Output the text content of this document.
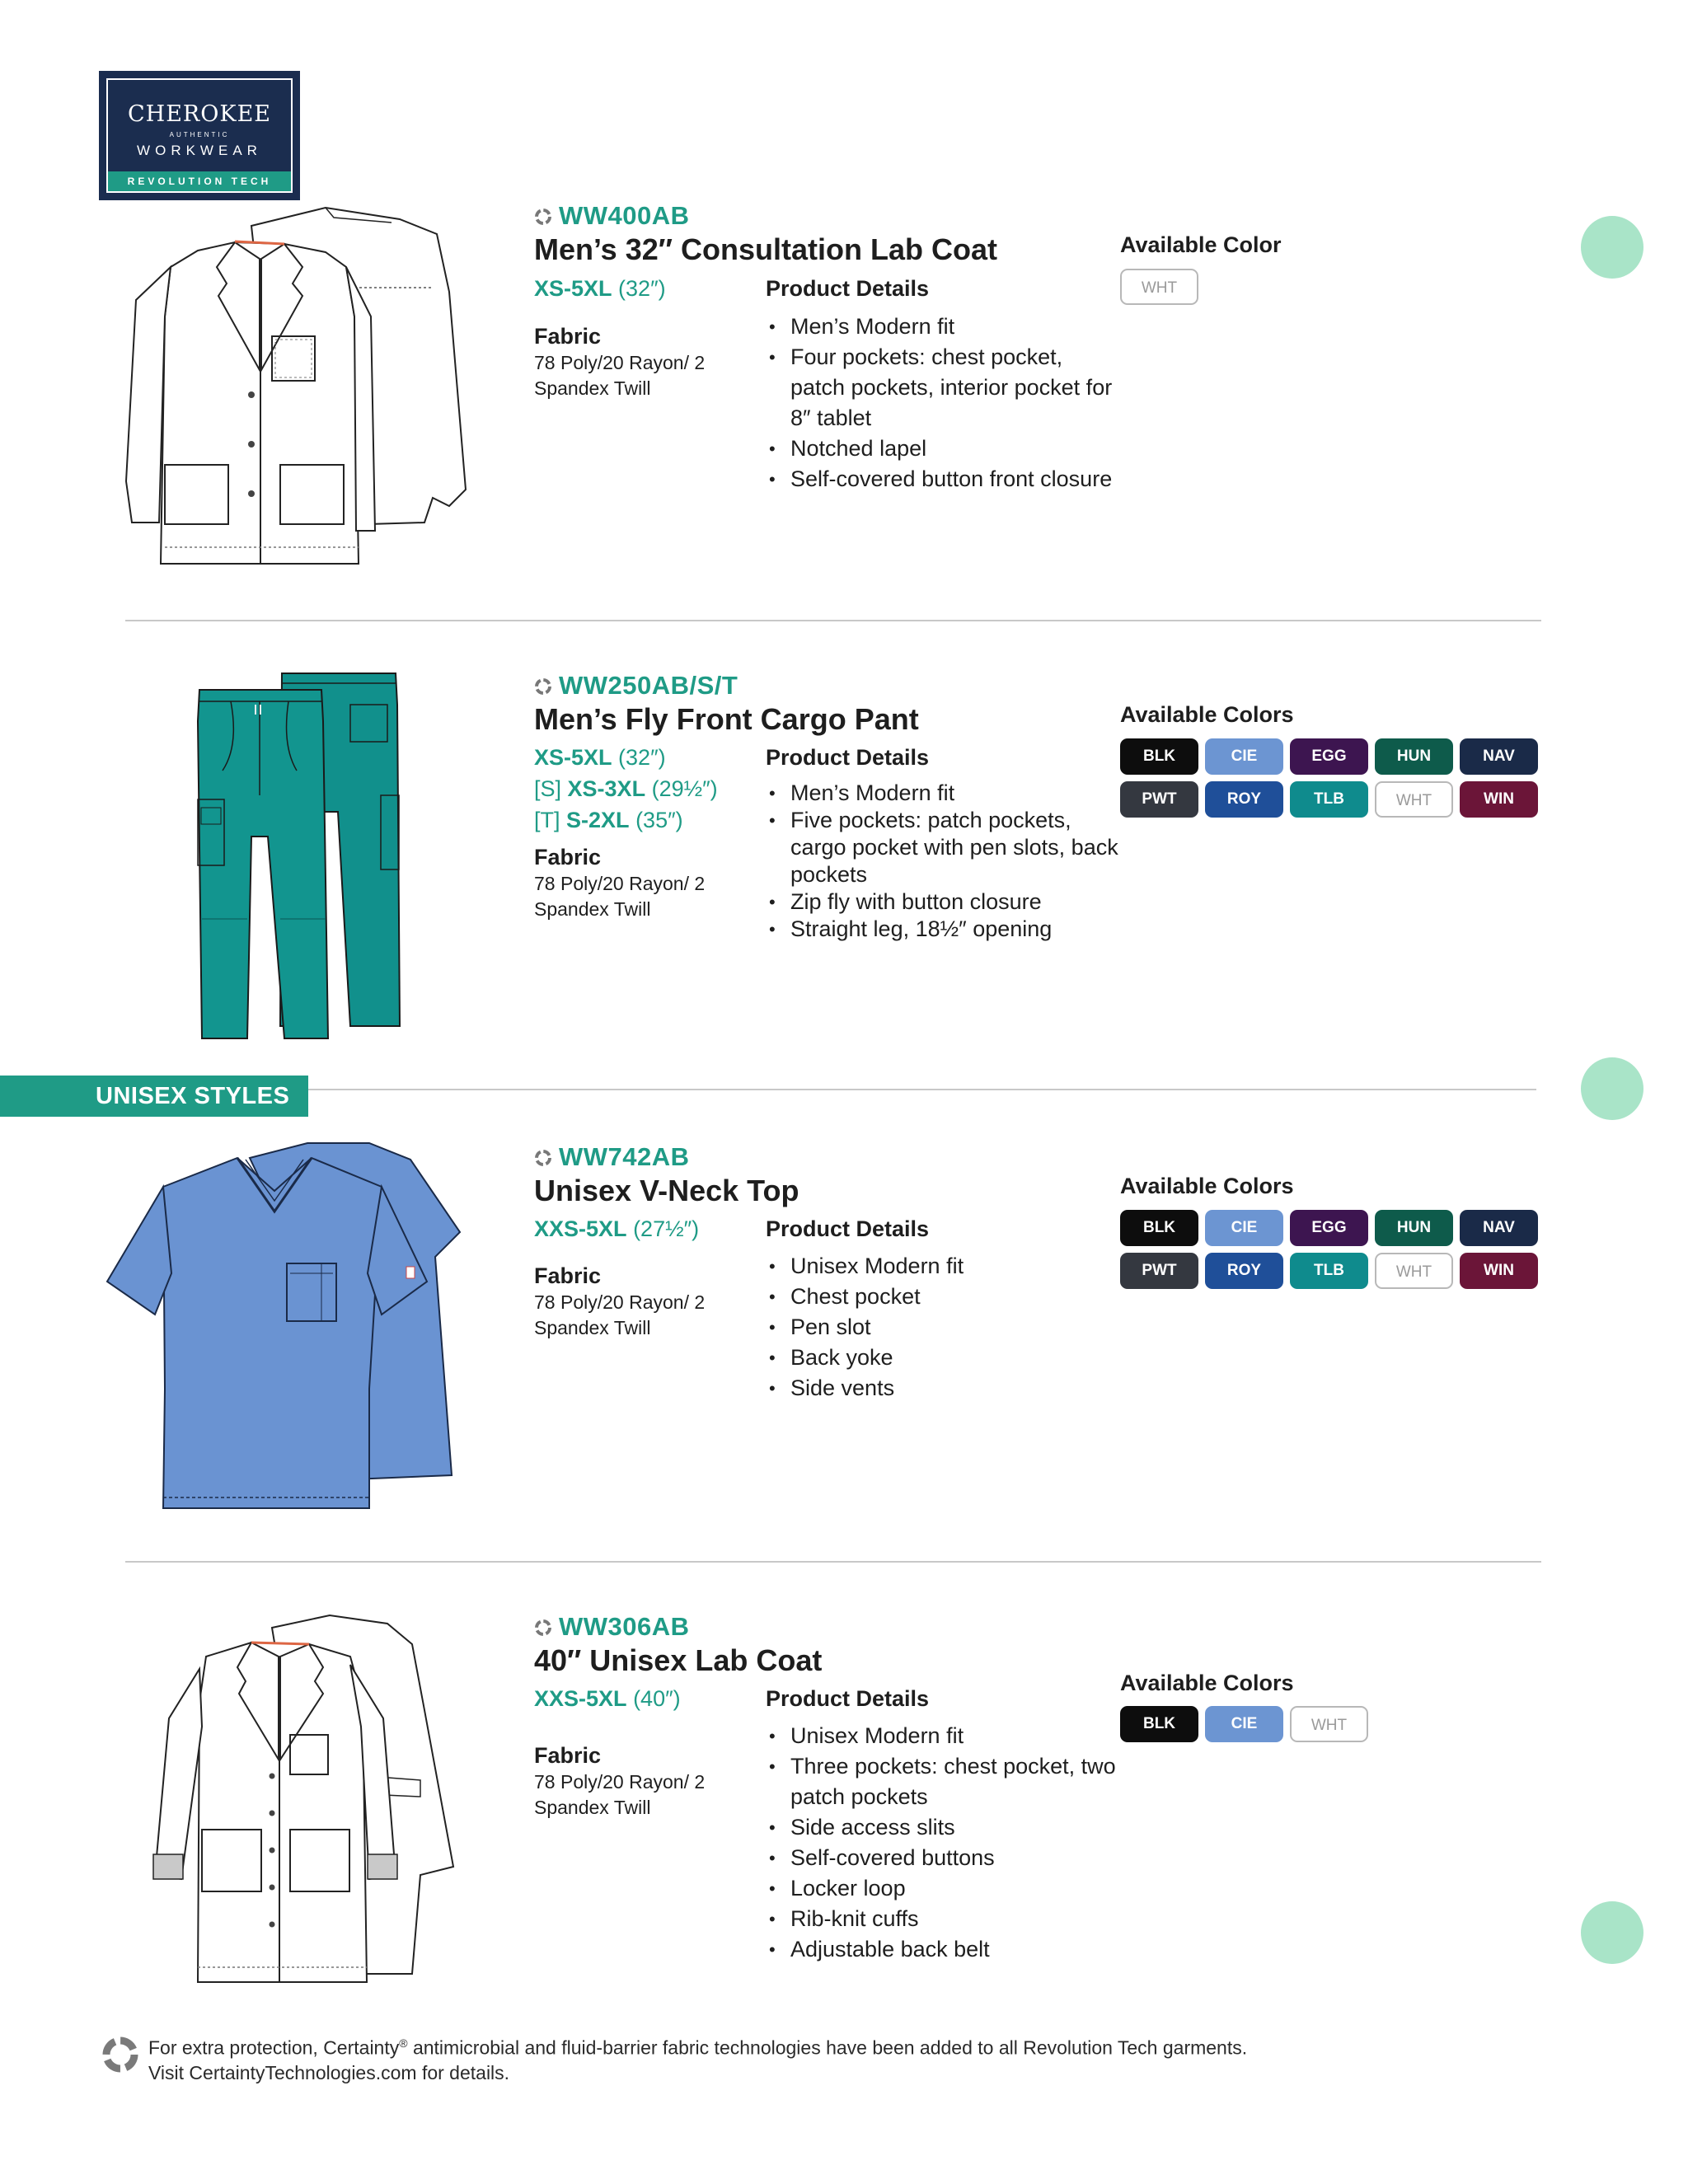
CHEROKEE
AUTHENTIC
WORKWEAR
REVOLUTION TECH
UNISEX STYLES
WW400AB
Men’s 32″ Consultation Lab Coat
XS-5XL (32″)
Fabric
78 Poly/20 Rayon/ 2 Spandex Twill
Product Details
• Men’s Modern fit
• Four pockets: chest pocket, patch pockets, interior pocket for 8″ tablet
• Notched lapel
• Self-covered button front closure
Available Color
WHT
WW250AB/S/T
Men’s Fly Front Cargo Pant
XS-5XL (32″)
[S] XS-3XL (29½″)
[T] S-2XL (35″)
Fabric
78 Poly/20 Rayon/ 2 Spandex Twill
Product Details
• Men’s Modern fit
• Five pockets: patch pockets, cargo pocket with pen slots, back pockets
• Zip fly with button closure
• Straight leg, 18½″ opening
Available Colors
BLK	CIE	EGG	HUN	NAV
PWT	ROY	TLB	WHT	WIN
WW742AB
Unisex V-Neck Top
XXS-5XL (27½″)
Fabric
78 Poly/20 Rayon/ 2 Spandex Twill
Product Details
• Unisex Modern fit
• Chest pocket
• Pen slot
• Back yoke
• Side vents
Available Colors
BLK	CIE	EGG	HUN	NAV
PWT	ROY	TLB	WHT	WIN
WW306AB
40″ Unisex Lab Coat
XXS-5XL (40″)
Fabric
78 Poly/20 Rayon/ 2 Spandex Twill
Product Details
• Unisex Modern fit
• Three pockets: chest pocket, two patch pockets
• Side access slits
• Self-covered buttons
• Locker loop
• Rib-knit cuffs
• Adjustable back belt
Available Colors
BLK	CIE	WHT
For extra protection, Certainty® antimicrobial and fluid-barrier fabric technologies have been added to all Revolution Tech garments.
Visit CertaintyTechnologies.com for details.
